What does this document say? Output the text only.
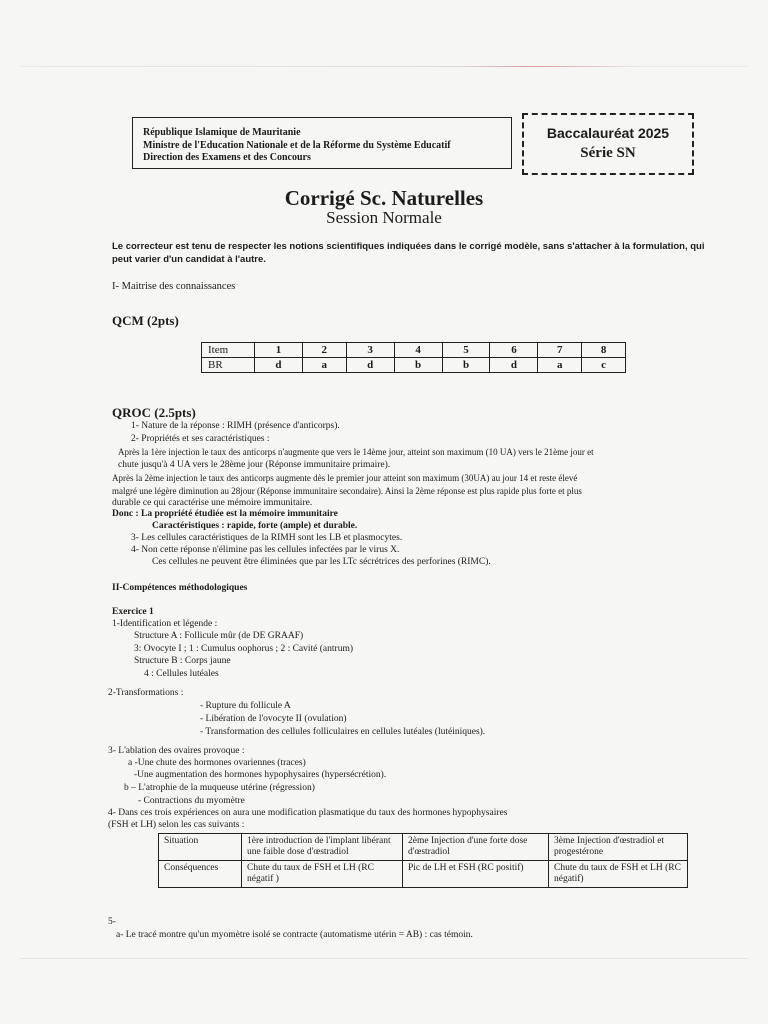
République Islamique de Mauritanie
Ministre de l'Education Nationale et de la Réforme du Système Educatif
Direction des Examens et des Concours
Baccalauréat 2025
Série SN
Corrigé Sc. Naturelles
Session Normale
Le correcteur est tenu de respecter les notions scientifiques indiquées dans le corrigé modèle, sans s'attacher à la formulation, qui peut varier d'un candidat à l'autre.
I- Maitrise des connaissances
QCM (2pts)
Item	1	2	3	4	5	6	7	8
BR	d	a	d	b	b	d	a	c
QROC (2.5pts)
1- Nature de la réponse : RIMH (présence d'anticorps).
2- Propriétés et ses caractéristiques :
Après la 1ère injection le taux des anticorps n'augmente que vers le 14ème jour, atteint son maximum (10 UA) vers le 21ème jour et
chute jusqu'à 4 UA vers le 28ème jour (Réponse immunitaire primaire).
Après la 2ème injection le taux des anticorps augmente dès le premier jour atteint son maximum (30UA) au jour 14 et reste élevé
malgré une légère diminution au 28jour (Réponse immunitaire secondaire). Ainsi la 2ème réponse est plus rapide plus forte et plus
durable ce qui caractérise une mémoire immunitaire.
Donc : La propriété étudiée est la mémoire immunitaire
Caractéristiques : rapide, forte (ample) et durable.
3- Les cellules caractéristiques de la RIMH sont les LB et plasmocytes.
4- Non cette réponse n'élimine pas les cellules infectées par le virus X.
Ces cellules ne peuvent être éliminées que par les LTc sécrétrices des perforines (RIMC).
II-Compétences méthodologiques
Exercice 1
1-Identification et légende :
Structure A : Follicule mûr (de DE GRAAF)
3: Ovocyte I ; 1 : Cumulus oophorus ; 2 : Cavité (antrum)
Structure B : Corps jaune
4 : Cellules lutéales
2-Transformations :
- Rupture du follicule A
- Libération de l'ovocyte II (ovulation)
- Transformation des cellules folliculaires en cellules lutéales (lutéiniques).
3- L'ablation des ovaires provoque :
a -Une chute des hormones ovariennes (traces)
-Une augmentation des hormones hypophysaires (hypersécrétion).
b – L'atrophie de la muqueuse utérine (régression)
- Contractions du myomètre
4- Dans ces trois expériences on aura une modification plasmatique du taux des hormones hypophysaires
(FSH et LH) selon les cas suivants :
Situation	1ère introduction de l'implant libérant une faible dose d'œstradiol	2ème Injection d'une forte dose d'œstradiol	3ème Injection d'œstradiol et progestérone
Conséquences	Chute du taux de FSH et LH (RC négatif )	Pic de LH et FSH (RC positif)	Chute du taux de FSH et LH (RC négatif)
5-
a- Le tracé montre qu'un myomètre isolé se contracte (automatisme utérin = AB) : cas témoin.
